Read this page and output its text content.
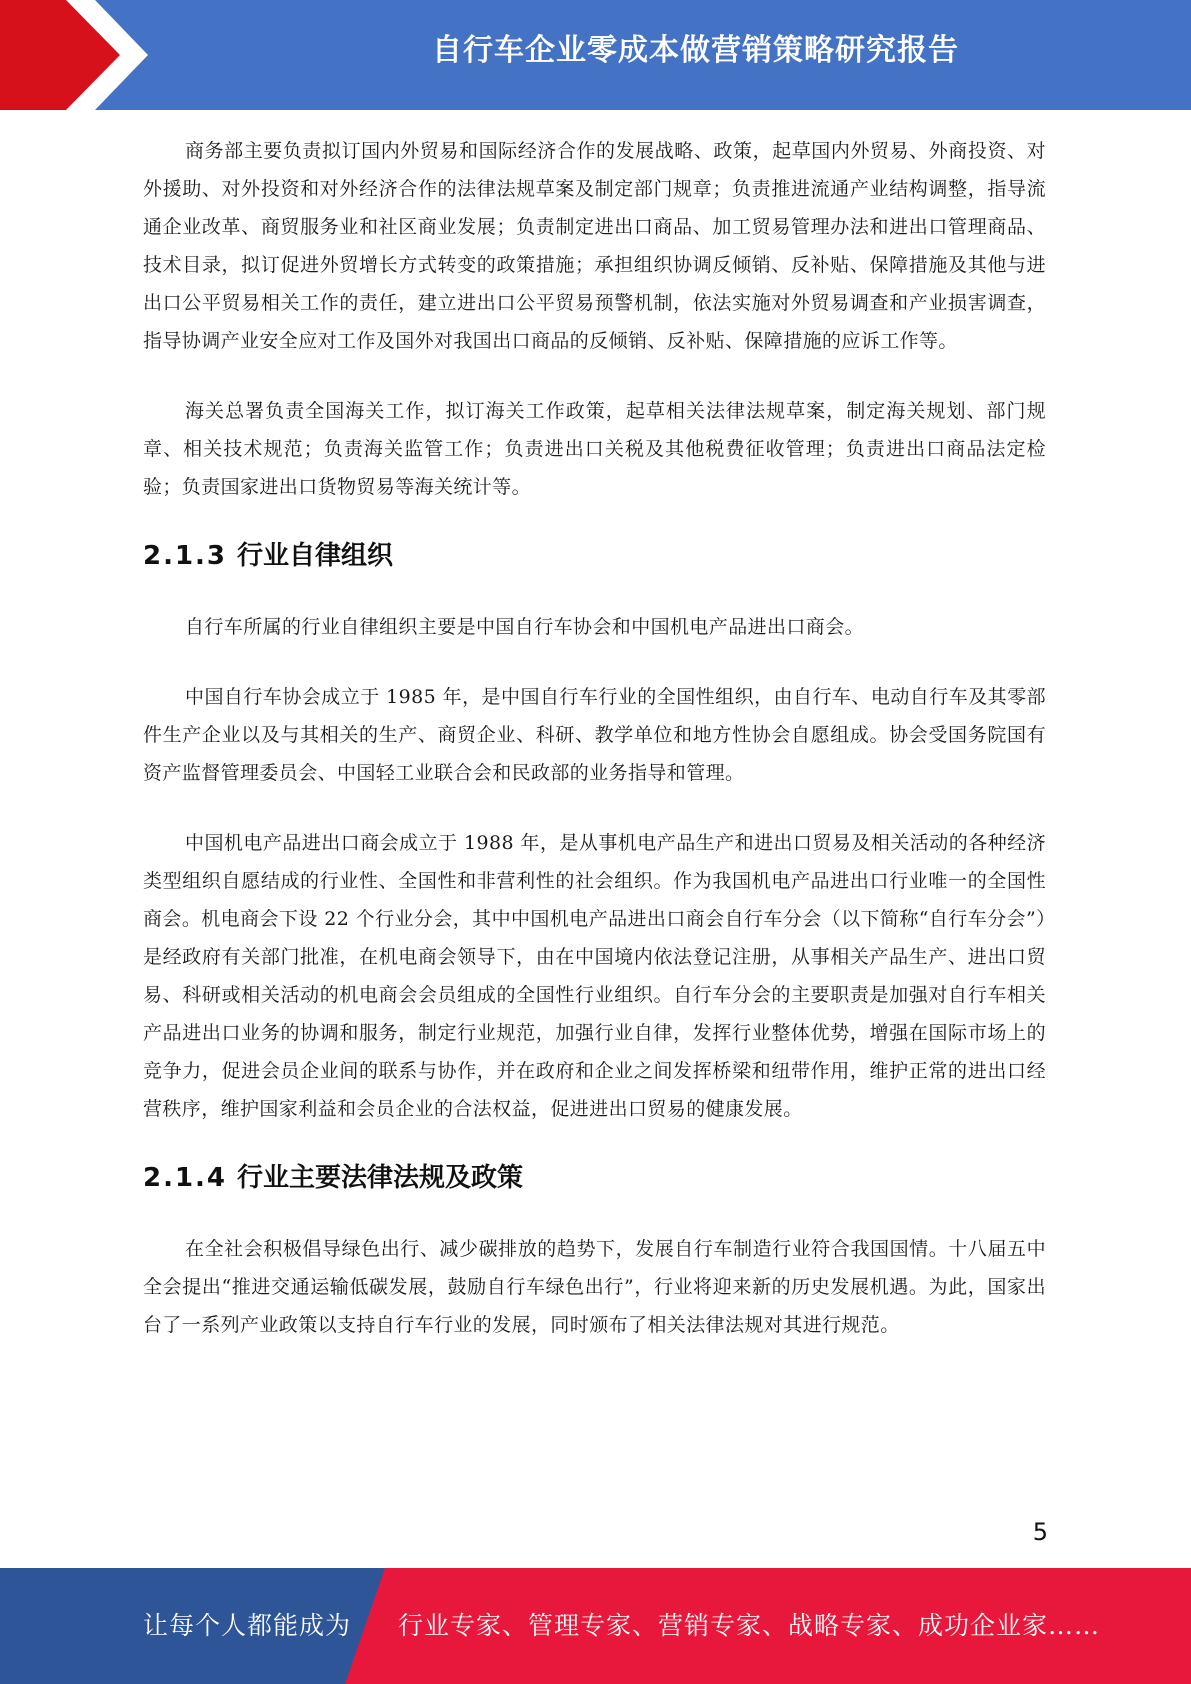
自行车企业零成本做营销策略研究报告

商务部主要负责拟订国内外贸易和国际经济合作的发展战略、政策，起草国内外贸易、外商投资、对外援助、对外投资和对外经济合作的法律法规草案及制定部门规章；负责推进流通产业结构调整，指导流通企业改革、商贸服务业和社区商业发展；负责制定进出口商品、加工贸易管理办法和进出口管理商品、技术目录，拟订促进外贸增长方式转变的政策措施；承担组织协调反倾销、反补贴、保障措施及其他与进出口公平贸易相关工作的责任，建立进出口公平贸易预警机制，依法实施对外贸易调查和产业损害调查，指导协调产业安全应对工作及国外对我国出口商品的反倾销、反补贴、保障措施的应诉工作等。

海关总署负责全国海关工作，拟订海关工作政策，起草相关法律法规草案，制定海关规划、部门规章、相关技术规范；负责海关监管工作；负责进出口关税及其他税费征收管理；负责进出口商品法定检验；负责国家进出口货物贸易等海关统计等。

2.1.3 行业自律组织

自行车所属的行业自律组织主要是中国自行车协会和中国机电产品进出口商会。

中国自行车协会成立于 1985 年，是中国自行车行业的全国性组织，由自行车、电动自行车及其零部件生产企业以及与其相关的生产、商贸企业、科研、教学单位和地方性协会自愿组成。协会受国务院国有资产监督管理委员会、中国轻工业联合会和民政部的业务指导和管理。

中国机电产品进出口商会成立于 1988 年，是从事机电产品生产和进出口贸易及相关活动的各种经济类型组织自愿结成的行业性、全国性和非营利性的社会组织。作为我国机电产品进出口行业唯一的全国性商会。机电商会下设 22 个行业分会，其中中国机电产品进出口商会自行车分会（以下简称“自行车分会”）是经政府有关部门批准，在机电商会领导下，由在中国境内依法登记注册，从事相关产品生产、进出口贸易、科研或相关活动的机电商会会员组成的全国性行业组织。自行车分会的主要职责是加强对自行车相关产品进出口业务的协调和服务，制定行业规范，加强行业自律，发挥行业整体优势，增强在国际市场上的竞争力，促进会员企业间的联系与协作，并在政府和企业之间发挥桥梁和纽带作用，维护正常的进出口经营秩序，维护国家利益和会员企业的合法权益，促进进出口贸易的健康发展。

2.1.4 行业主要法律法规及政策

在全社会积极倡导绿色出行、减少碳排放的趋势下，发展自行车制造行业符合我国国情。十八届五中全会提出“推进交通运输低碳发展，鼓励自行车绿色出行”，行业将迎来新的历史发展机遇。为此，国家出台了一系列产业政策以支持自行车行业的发展，同时颁布了相关法律法规对其进行规范。

5
让每个人都能成为 行业专家、管理专家、营销专家、战略专家、成功企业家……
